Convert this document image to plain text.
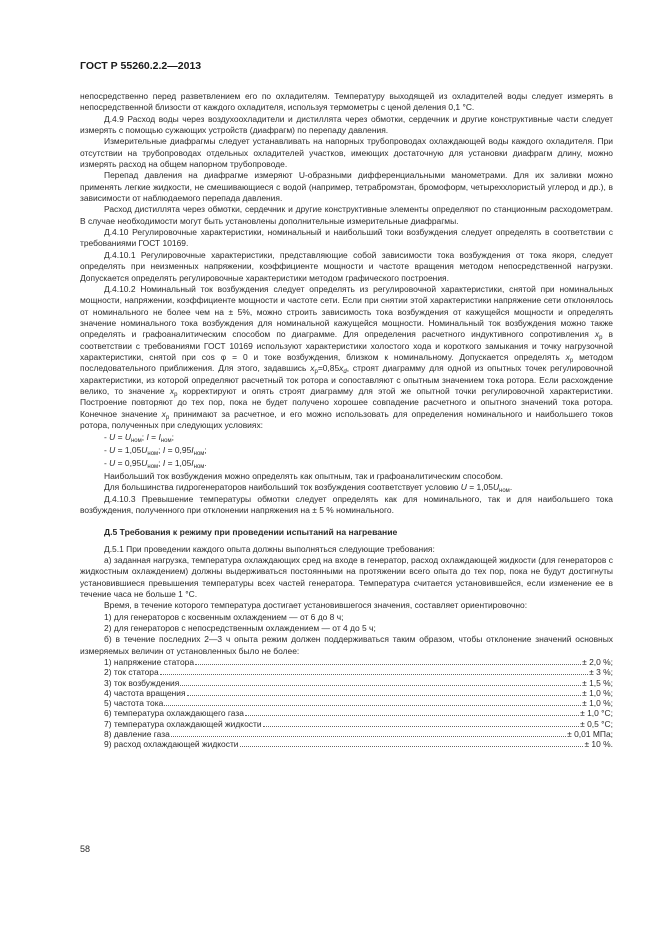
ГОСТ Р 55260.2.2—2013

непосредственно перед разветвлением его по охладителям. Температуру выходящей из охладителей воды следует измерять в непосредственной близости от каждого охладителя, используя термометры с ценой деления 0,1 °C.

Д.4.9 Расход воды через воздухоохладители и дистиллята через обмотки, сердечник и другие конструктивные части следует измерять с помощью сужающих устройств (диафрагм) по перепаду давления.

Измерительные диафрагмы следует устанавливать на напорных трубопроводах охлаждающей воды каждого охладителя. При отсутствии на трубопроводах отдельных охладителей участков, имеющих достаточную для установки диафрагм длину, можно измерять расход на общем напорном трубопроводе.

Перепад давления на диафрагме измеряют U-образными дифференциальными манометрами. Для их заливки можно применять легкие жидкости, не смешивающиеся с водой (например, тетрабромэтан, бромоформ, четыреххлористый углерод и др.), в зависимости от наблюдаемого перепада давления.

Расход дистиллята через обмотки, сердечник и другие конструктивные элементы определяют по станционным расходометрам. В случае необходимости могут быть установлены дополнительные измерительные диафрагмы.

Д.4.10 Регулировочные характеристики, номинальный и наибольший токи возбуждения следует определять в соответствии с требованиями ГОСТ 10169.

Д.4.10.1 Регулировочные характеристики, представляющие собой зависимости тока возбуждения от тока якоря, следует определять при неизменных напряжении, коэффициенте мощности и частоте вращения методом непосредственной нагрузки. Допускается определять регулировочные характеристики методом графического построения.

Д.4.10.2 Номинальный ток возбуждения следует определять из регулировочной характеристики, снятой при номинальных мощности, напряжении, коэффициенте мощности и частоте сети. Если при снятии этой характеристики напряжение сети отклонялось от номинального не более чем на ± 5%, можно строить зависимость тока возбуждения от кажущейся мощности и определять значение номинального тока возбуждения для номинальной кажущейся мощности. Номинальный ток возбуждения можно также определять и графоаналитическим способом по диаграмме. Для определения расчетного индуктивного сопротивления $x_p$ в соответствии с требованиями ГОСТ 10169 используют характеристики холостого хода и короткого замыкания и точку нагрузочной характеристики, снятой при cos φ = 0 и токе возбуждения, близком к номинальному. Допускается определять $x_p$ методом последовательного приближения. Для этого, задавшись $x_p=0,85x_d$, строят диаграмму для одной из опытных точек регулировочной характеристики, из которой определяют расчетный ток ротора и сопоставляют с опытным значением тока ротора. Если расхождение велико, то значение $x_p$ корректируют и опять строят диаграмму для этой же опытной точки регулировочной характеристики. Построение повторяют до тех пор, пока не будет получено хорошее совпадение расчетного и опытного значений тока ротора. Конечное значение $x_p$ принимают за расчетное, и его можно использовать для определения номинального и наибольшего токов ротора, полученных при следующих условиях:

- $U = U_{ном}$; $I = I_{ном}$;
- $U = 1,05U_{ном}$; $I = 0,95I_{ном}$;
- $U = 0,95U_{ном}$; $I = 1,05I_{ном}$.

Наибольший ток возбуждения можно определять как опытным, так и графоаналитическим способом.

Для большинства гидрогенераторов наибольший ток возбуждения соответствует условию $U = 1,05U_{ном}$.

Д.4.10.3 Превышение температуры обмотки следует определять как для номинального, так и для наибольшего тока возбуждения, полученного при отклонении напряжения на ± 5 % номинального.

Д.5 Требования к режиму при проведении испытаний на нагревание

Д.5.1 При проведении каждого опыта должны выполняться следующие требования:

а) заданная нагрузка, температура охлаждающих сред на входе в генератор, расход охлаждающей жидкости (для генераторов с жидкостным охлаждением) должны выдерживаться постоянными на протяжении всего опыта до тех пор, пока не будут достигнуты установившиеся превышения температуры всех частей генератора. Температура считается установившейся, если изменение ее в течение часа не больше 1 °C.

Время, в течение которого температура достигает установившегося значения, составляет ориентировочно:

1) для генераторов с косвенным охлаждением — от 6 до 8 ч;

2) для генераторов с непосредственным охлаждением — от 4 до 5 ч;

б) в течение последних 2—3 ч опыта режим должен поддерживаться таким образом, чтобы отклонение значений основных измеряемых величин от установленных было не более:

1) напряжение статора	± 2,0 %;
2) ток статора	± 3 %;
3) ток возбуждения	± 1,5 %;
4) частота вращения	± 1,0 %;
5) частота тока	± 1,0 %;
6) температура охлаждающего газа	± 1,0 °C;
7) температура охлаждающей жидкости	± 0,5 °C;
8) давление газа	± 0,01 МПа;
9) расход охлаждающей жидкости	± 10 %.
58
